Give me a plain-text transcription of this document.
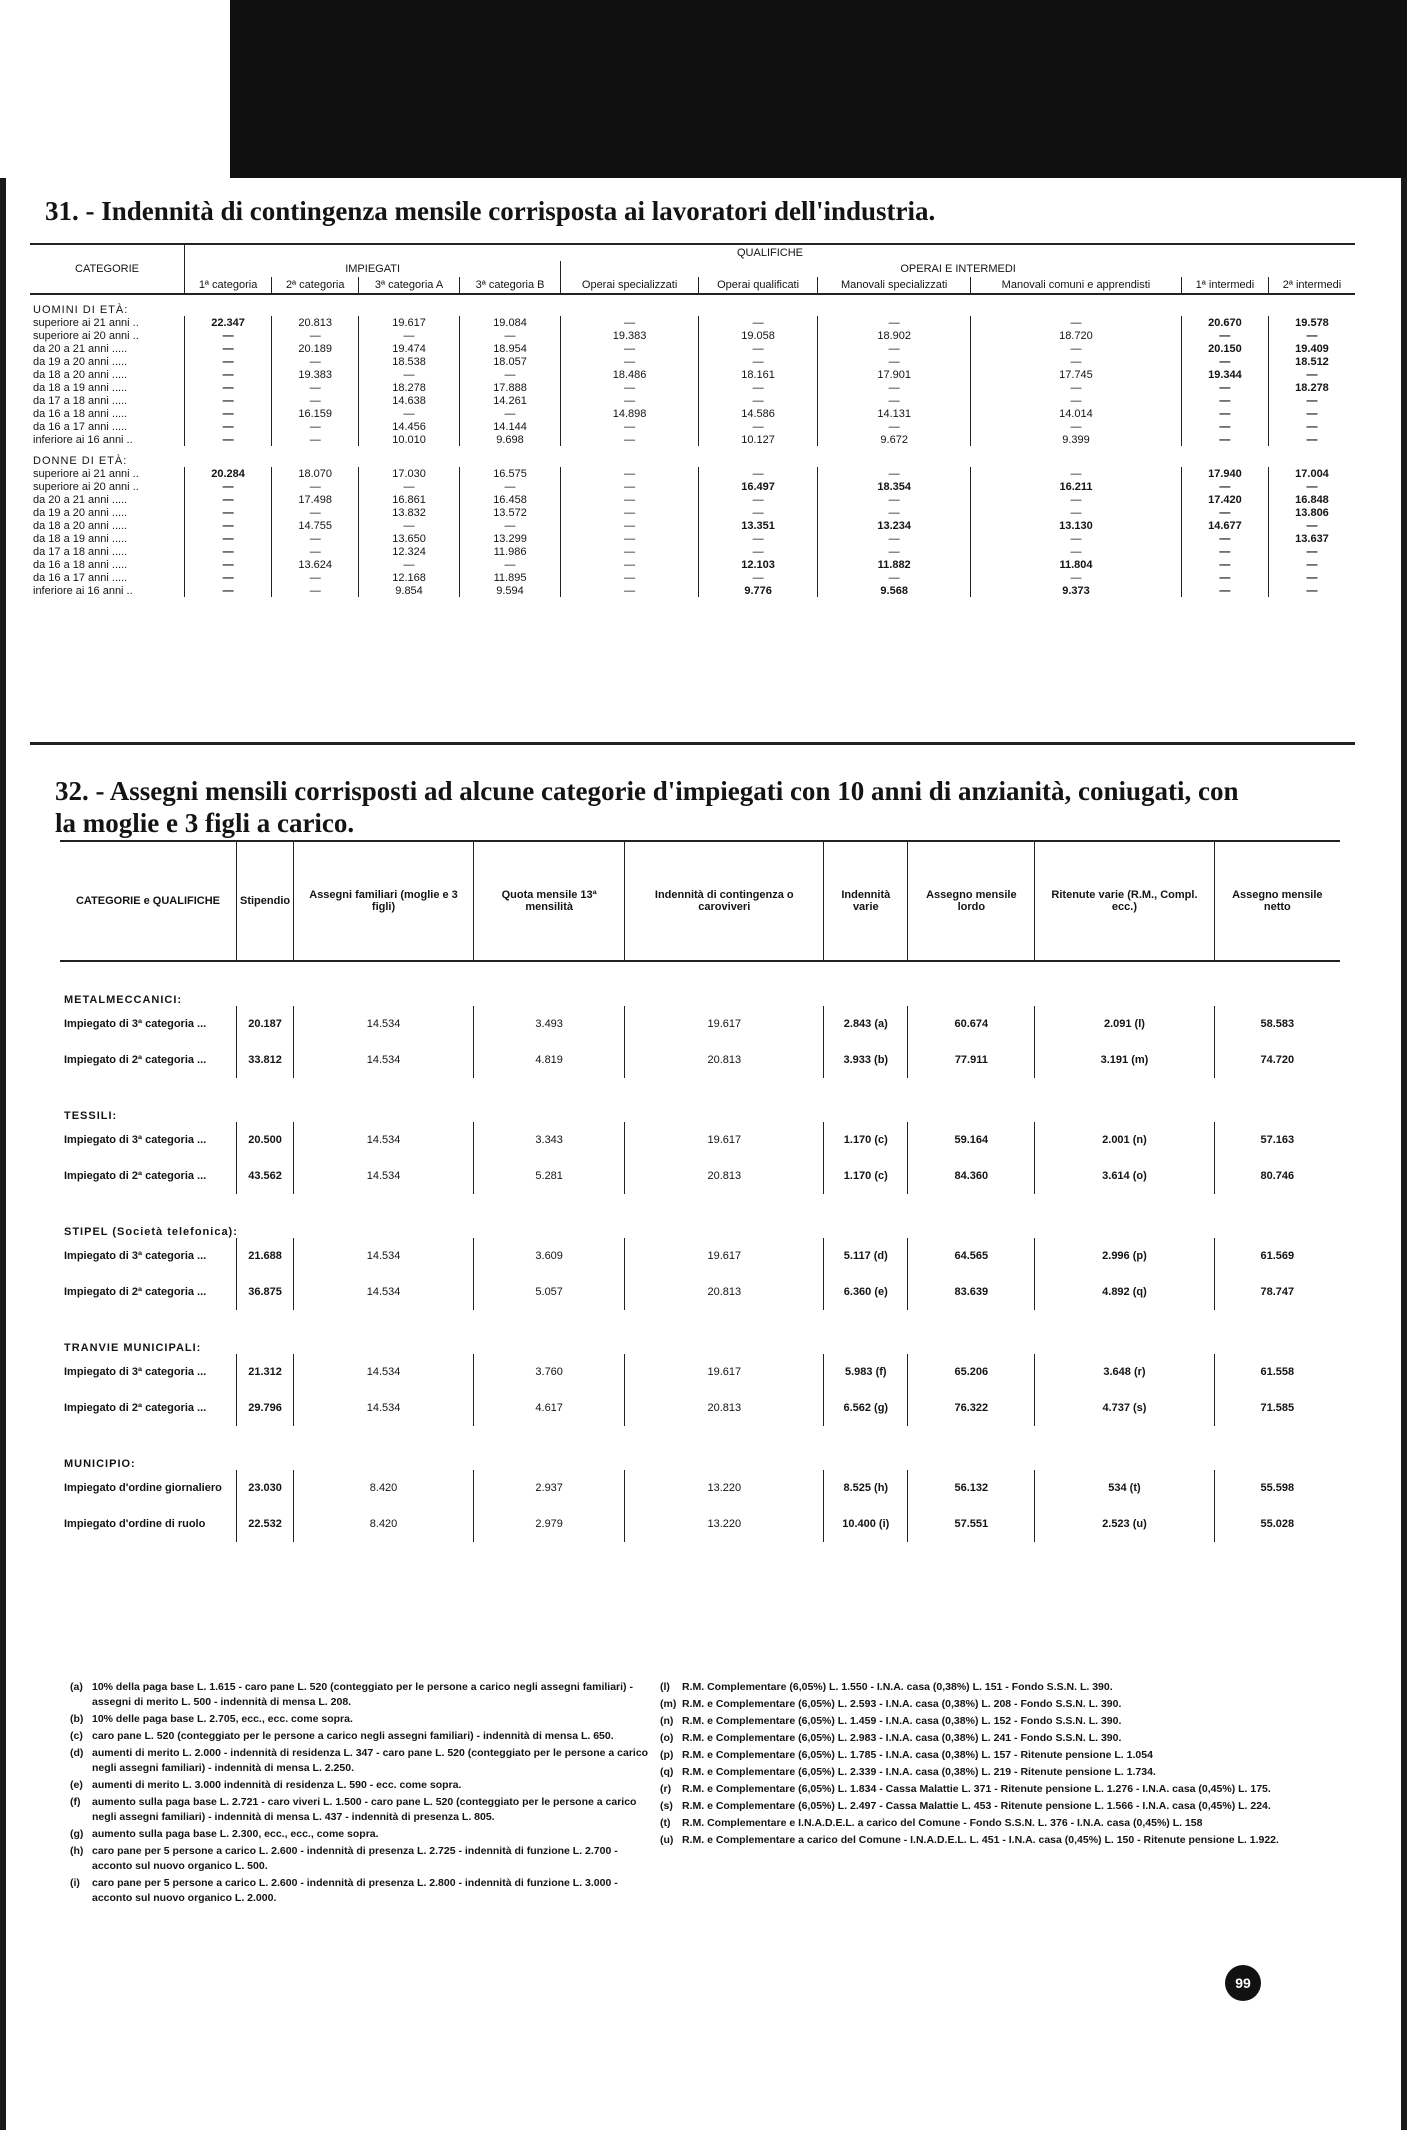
31. - Indennità di contingenza mensile corrisposta ai lavoratori dell'industria.
CATEGORIE	QUALIFICHE									
	IMPIEGATI				OPERAI E INTERMEDI					
	1ª categoria	2ª categoria	3ª categoria A	3ª categoria B	Operai specializzati	Operai qualificati	Manovali specializzati	Manovali comuni e apprendisti	1ª intermedi	2ª intermedi
UOMINI DI ETÀ:										
superiore ai 21 anni ..	22.347	20.813	19.617	19.084	—	—	—	—	20.670	19.578
superiore ai 20 anni ..	—	—	—	—	19.383	19.058	18.902	18.720	—	—
da 20 a 21 anni .....	—	20.189	19.474	18.954	—	—	—	—	20.150	19.409
da 19 a 20 anni .....	—	—	18.538	18.057	—	—	—	—	—	18.512
da 18 a 20 anni .....	—	19.383	—	—	18.486	18.161	17.901	17.745	19.344	—
da 18 a 19 anni .....	—	—	18.278	17.888	—	—	—	—	—	18.278
da 17 a 18 anni .....	—	—	14.638	14.261	—	—	—	—	—	—
da 16 a 18 anni .....	—	16.159	—	—	14.898	14.586	14.131	14.014	—	—
da 16 a 17 anni .....	—	—	14.456	14.144	—	—	—	—	—	—
inferiore ai 16 anni ..	—	—	10.010	9.698	—	10.127	9.672	9.399	—	—
DONNE DI ETÀ:										
superiore ai 21 anni ..	20.284	18.070	17.030	16.575	—	—	—	—	17.940	17.004
superiore ai 20 anni ..	—	—	—	—	—	16.497	18.354	16.211	—	—
da 20 a 21 anni .....	—	17.498	16.861	16.458	—	—	—	—	17.420	16.848
da 19 a 20 anni .....	—	—	13.832	13.572	—	—	—	—	—	13.806
da 18 a 20 anni .....	—	14.755	—	—	—	13.351	13.234	13.130	14.677	—
da 18 a 19 anni .....	—	—	13.650	13.299	—	—	—	—	—	13.637
da 17 a 18 anni .....	—	—	12.324	11.986	—	—	—	—	—	—
da 16 a 18 anni .....	—	13.624	—	—	—	12.103	11.882	11.804	—	—
da 16 a 17 anni .....	—	—	12.168	11.895	—	—	—	—	—	—
inferiore ai 16 anni ..	—	—	9.854	9.594	—	9.776	9.568	9.373	—	—
32. - Assegni mensili corrisposti ad alcune categorie d'impiegati con 10 anni di anzianità, coniugati, con la moglie e 3 figli a carico.
CATEGORIE e QUALIFICHE	Stipendio	Assegni familiari (moglie e 3 figli)	Quota mensile 13ª mensilità	Indennità di contingenza o caroviveri	Indennità varie	Assegno mensile lordo	Ritenute varie (R.M., Compl. ecc.)	Assegno mensile netto
METALMECCANICI:								
Impiegato di 3ª categoria ...	20.187	14.534	3.493	19.617	2.843 (a)	60.674	2.091 (l)	58.583
Impiegato di 2ª categoria ...	33.812	14.534	4.819	20.813	3.933 (b)	77.911	3.191 (m)	74.720
TESSILI:								
Impiegato di 3ª categoria ...	20.500	14.534	3.343	19.617	1.170 (c)	59.164	2.001 (n)	57.163
Impiegato di 2ª categoria ...	43.562	14.534	5.281	20.813	1.170 (c)	84.360	3.614 (o)	80.746
STIPEL (Società telefonica):								
Impiegato di 3ª categoria ...	21.688	14.534	3.609	19.617	5.117 (d)	64.565	2.996 (p)	61.569
Impiegato di 2ª categoria ...	36.875	14.534	5.057	20.813	6.360 (e)	83.639	4.892 (q)	78.747
TRANVIE MUNICIPALI:								
Impiegato di 3ª categoria ...	21.312	14.534	3.760	19.617	5.983 (f)	65.206	3.648 (r)	61.558
Impiegato di 2ª categoria ...	29.796	14.534	4.617	20.813	6.562 (g)	76.322	4.737 (s)	71.585
MUNICIPIO:								
Impiegato d'ordine giornaliero	23.030	8.420	2.937	13.220	8.525 (h)	56.132	534 (t)	55.598
Impiegato d'ordine di ruolo	22.532	8.420	2.979	13.220	10.400 (i)	57.551	2.523 (u)	55.028
(a) 10% della paga base L. 1.615 - caro pane L. 520 (conteggiato per le persone a carico negli assegni familiari) - assegni di merito L. 500 - indennità di mensa L. 208.
(b) 10% delle paga base L. 2.705, ecc., ecc. come sopra.
(c) caro pane L. 520 (conteggiato per le persone a carico negli assegni familiari) - indennità di mensa L. 650.
(d) aumenti di merito L. 2.000 - indennità di residenza L. 347 - caro pane L. 520 (conteggiato per le persone a carico negli assegni familiari) - indennità di mensa L. 2.250.
(e) aumenti di merito L. 3.000 indennità di residenza L. 590 - ecc. come sopra.
(f)	aumento sulla paga base L. 2.721 - caro viveri L. 1.500 - caro pane L. 520 (conteggiato per le persone a carico negli assegni familiari) - indennità di mensa L. 437 - indennità di presenza L. 805.
(g) aumento sulla paga base L. 2.300, ecc., ecc., come sopra.
(h) caro pane per 5 persone a carico L. 2.600 - indennità di presenza L. 2.725 - indennità di funzione L. 2.700 - acconto sul nuovo organico L. 500.
(i)	caro pane per 5 persone a carico L. 2.600 - indennità di presenza L. 2.800 - indennità di funzione L. 3.000 - acconto sul nuovo organico L. 2.000.
(l)	R.M. Complementare (6,05%) L. 1.550 - I.N.A. casa (0,38%) L. 151 - Fondo S.S.N. L. 390.
(m) R.M. e Complementare (6,05%) L. 2.593 - I.N.A. casa (0,38%) L. 208 - Fondo S.S.N. L. 390.
(n) R.M. e Complementare (6,05%) L. 1.459 - I.N.A. casa (0,38%) L. 152 - Fondo S.S.N. L. 390.
(o) R.M. e Complementare (6,05%) L. 2.983 - I.N.A. casa (0,38%) L. 241 - Fondo S.S.N. L. 390.
(p) R.M. e Complementare (6,05%) L. 1.785 - I.N.A. casa (0,38%) L. 157 - Ritenute pensione L. 1.054
(q) R.M. e Complementare (6,05%) L. 2.339 - I.N.A. casa (0,38%) L. 219 - Ritenute pensione L. 1.734.
(r)	R.M. e Complementare (6,05%) L. 1.834 - Cassa Malattie L. 371 - Ritenute pensione L. 1.276 - I.N.A. casa (0,45%) L. 175.
(s) R.M. e Complementare (6,05%) L. 2.497 - Cassa Malattie L. 453 - Ritenute pensione L. 1.566 - I.N.A. casa (0,45%) L. 224.
(t)	R.M. Complementare e I.N.A.D.E.L. a carico del Comune - Fondo S.S.N. L. 376 - I.N.A. casa (0,45%) L. 158
(u) R.M. e Complementare a carico del Comune - I.N.A.D.E.L. L. 451 - I.N.A. casa (0,45%) L. 150 - Ritenute pensione L. 1.922.
99
